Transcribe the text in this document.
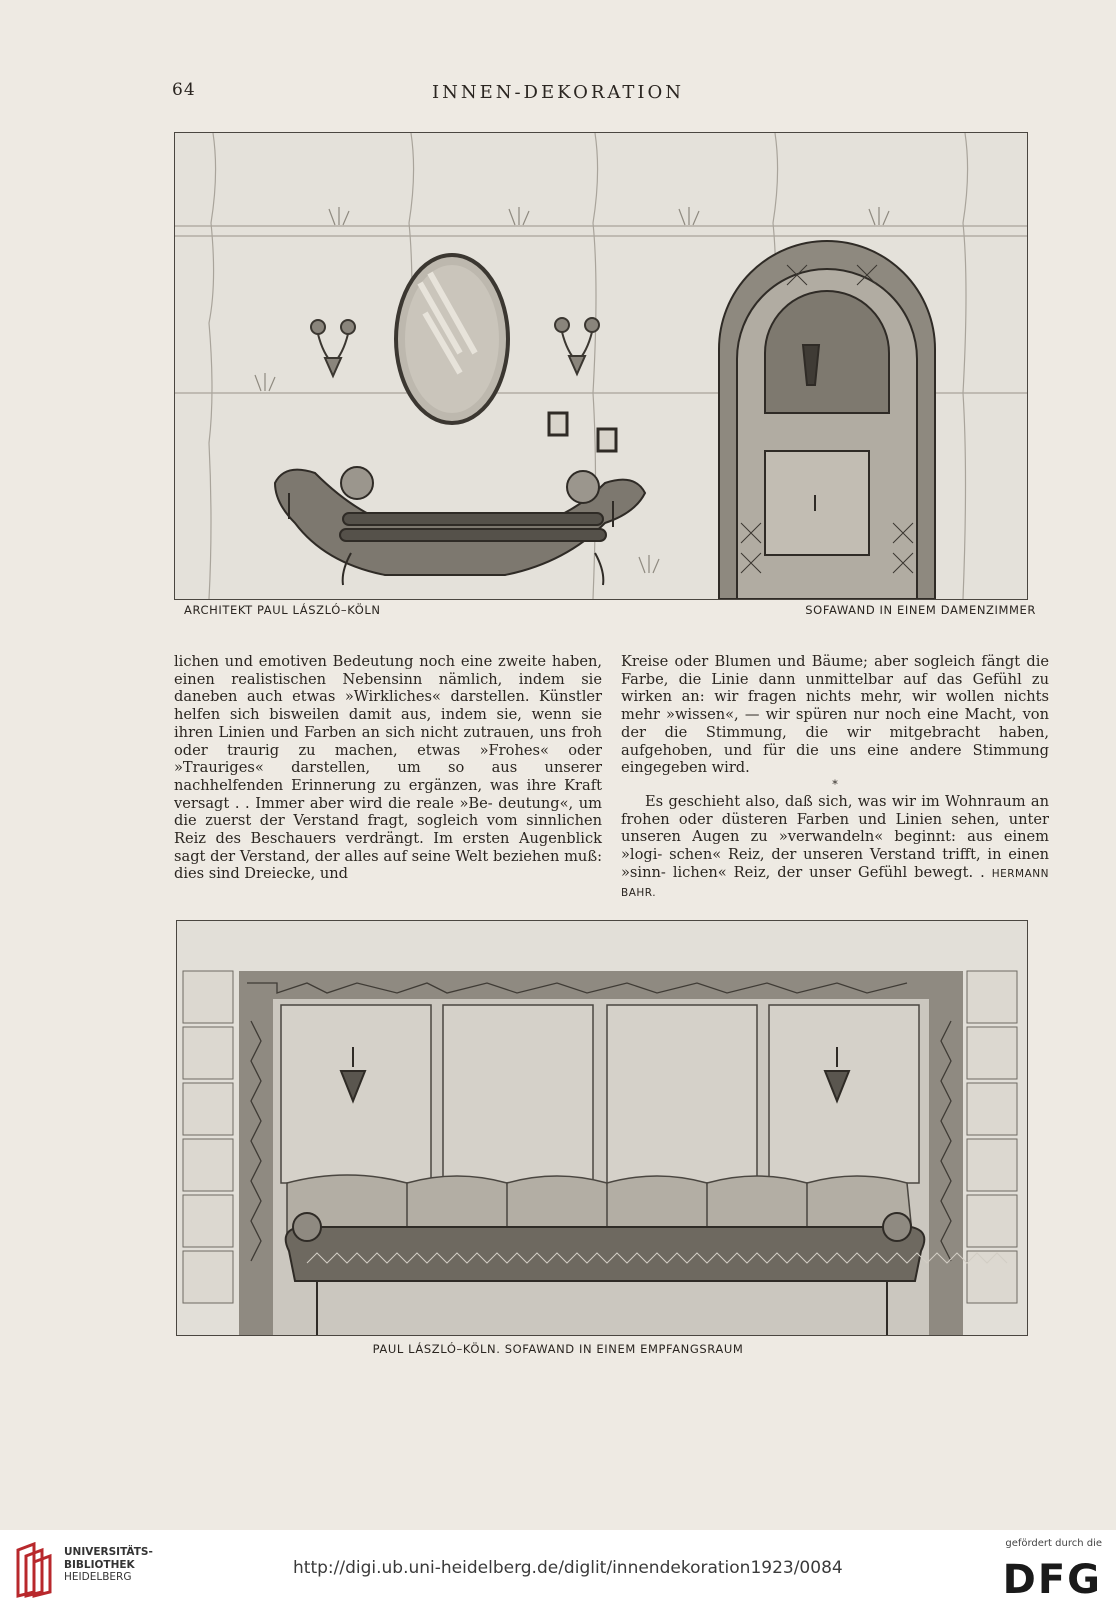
64	INNEN-DEKORATION
ARCHITEKT PAUL LÁSZLÓ–KÖLN	SOFAWAND IN EINEM DAMENZIMMER

lichen und emotiven Bedeutung noch eine zweite haben, einen realistischen Nebensinn nämlich, indem sie daneben auch etwas »Wirkliches« darstellen. Künstler helfen sich bisweilen damit aus, indem sie, wenn sie ihren Linien und Farben an sich nicht zutrauen, uns froh oder traurig zu machen, etwas »Frohes« oder »Trauriges« darstellen, um so aus unserer nachhelfenden Erinnerung zu ergänzen, was ihre Kraft versagt . . Immer aber wird die reale »Be- deutung«, um die zuerst der Verstand fragt, sogleich vom sinnlichen Reiz des Beschauers verdrängt. Im ersten Augenblick sagt der Verstand, der alles auf seine Welt beziehen muß: dies sind Dreiecke, und

Kreise oder Blumen und Bäume; aber sogleich fängt die Farbe, die Linie dann unmittelbar auf das Gefühl zu wirken an: wir fragen nichts mehr, wir wollen nichts mehr »wissen«, — wir spüren nur noch eine Macht, von der die Stimmung, die wir mitgebracht haben, aufgehoben, und für die uns eine andere Stimmung eingegeben wird.

*

Es geschieht also, daß sich, was wir im Wohnraum an frohen oder düsteren Farben und Linien sehen, unter unseren Augen zu »verwandeln« beginnt: aus einem »logi- schen« Reiz, der unseren Verstand trifft, in einen »sinn- lichen« Reiz, der unser Gefühl bewegt. . HERMANN BAHR.

PAUL LÁSZLÓ–KÖLN. SOFAWAND IN EINEM EMPFANGSRAUM
UNIVERSITÄTS-
BIBLIOTHEK
HEIDELBERG	http://digi.ub.uni-heidelberg.de/diglit/innendekoration1923/0084
gefördert durch die
DFG
